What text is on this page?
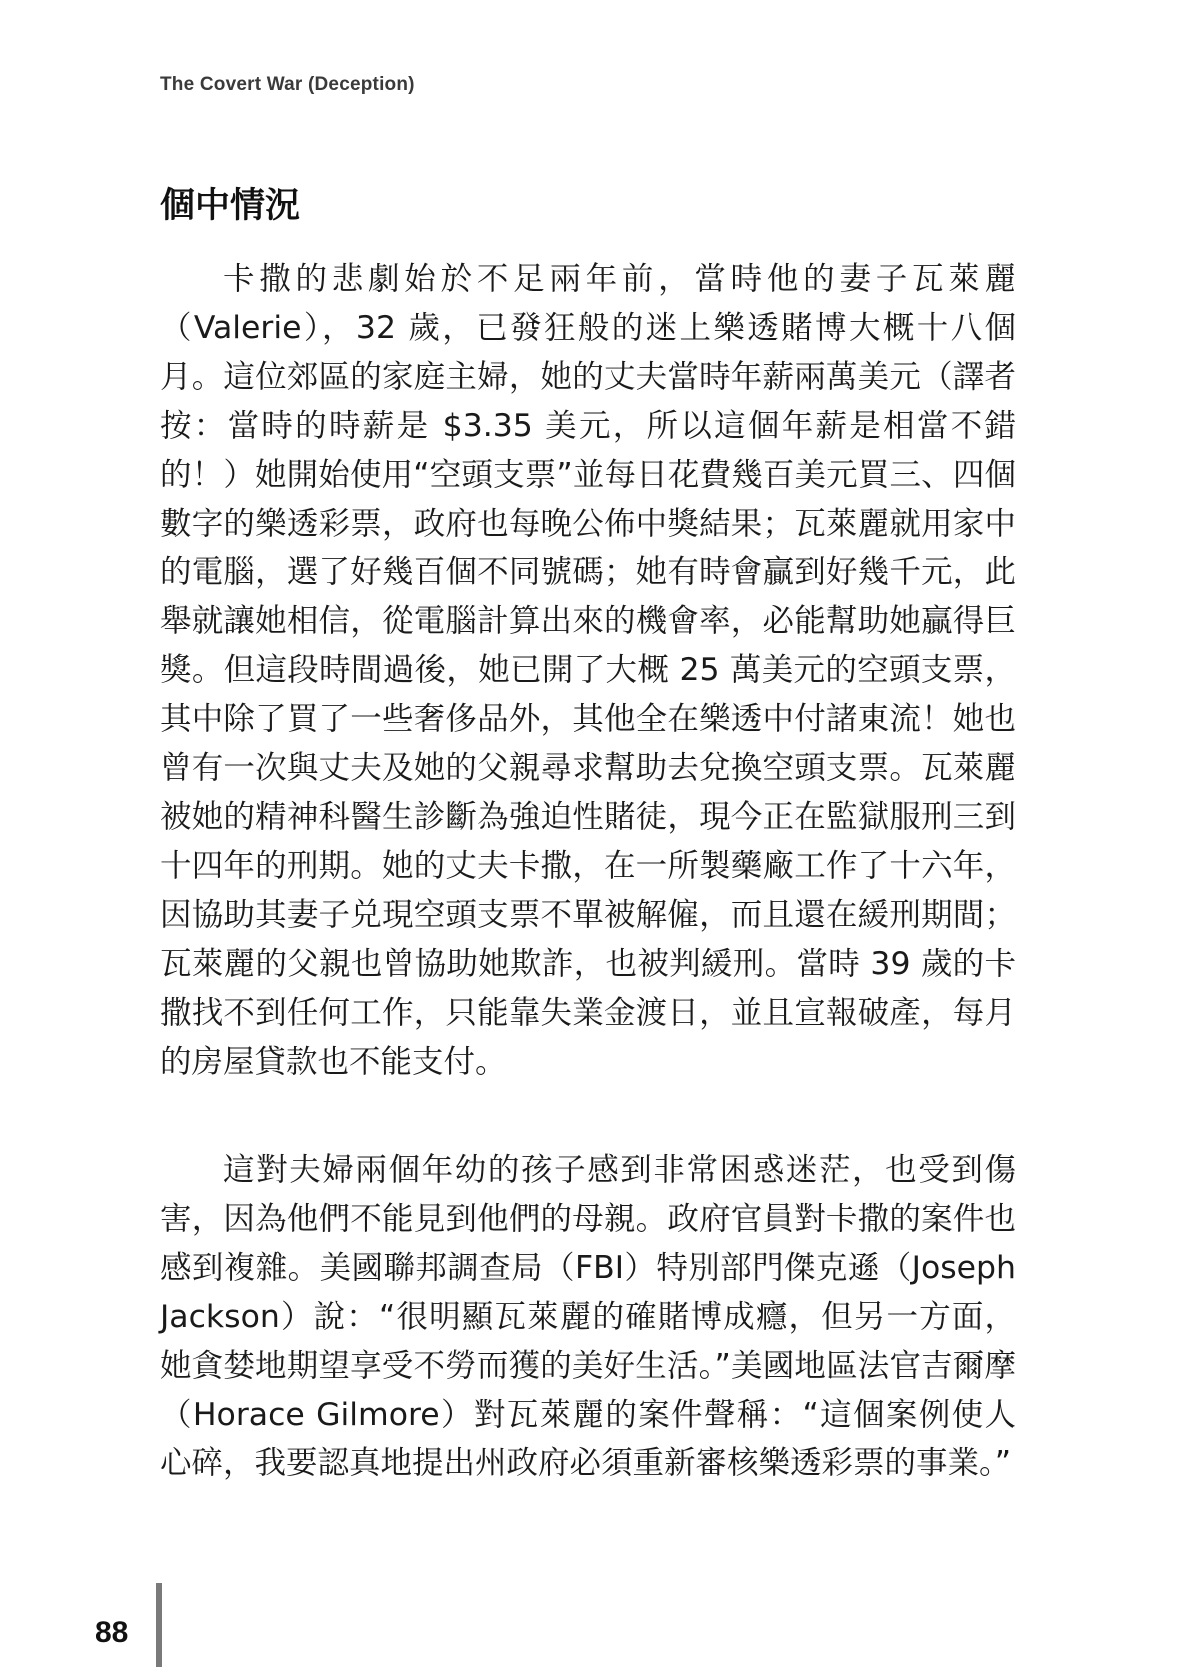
The Covert War (Deception)
個中情況

卡撒的悲劇始於不足兩年前，當時他的妻子瓦萊麗（Valerie），32 歲，已發狂般的迷上樂透賭博大概十八個月。這位郊區的家庭主婦，她的丈夫當時年薪兩萬美元（譯者按：當時的時薪是 $3.35 美元，所以這個年薪是相當不錯的！）她開始使用“空頭支票”並每日花費幾百美元買三、四個數字的樂透彩票，政府也每晚公佈中獎結果；瓦萊麗就用家中的電腦，選了好幾百個不同號碼；她有時會贏到好幾千元，此舉就讓她相信，從電腦計算出來的機會率，必能幫助她贏得巨獎。但這段時間過後，她已開了大概 25 萬美元的空頭支票，其中除了買了一些奢侈品外，其他全在樂透中付諸東流！她也曾有一次與丈夫及她的父親尋求幫助去兌換空頭支票。瓦萊麗被她的精神科醫生診斷為強迫性賭徒，現今正在監獄服刑三到十四年的刑期。她的丈夫卡撒，在一所製藥廠工作了十六年，因協助其妻子兑現空頭支票不單被解僱，而且還在緩刑期間；瓦萊麗的父親也曾協助她欺詐，也被判緩刑。當時 39 歲的卡撒找不到任何工作，只能靠失業金渡日，並且宣報破產，每月的房屋貸款也不能支付。

這對夫婦兩個年幼的孩子感到非常困惑迷茫，也受到傷害，因為他們不能見到他們的母親。政府官員對卡撒的案件也感到複雜。美國聯邦調查局（FBI）特別部門傑克遜（Joseph Jackson）說：“很明顯瓦萊麗的確賭博成癮，但另一方面，她貪婪地期望享受不勞而獲的美好生活。”美國地區法官吉爾摩（Horace Gilmore）對瓦萊麗的案件聲稱：“這個案例使人心碎，我要認真地提出州政府必須重新審核樂透彩票的事業。”

88
